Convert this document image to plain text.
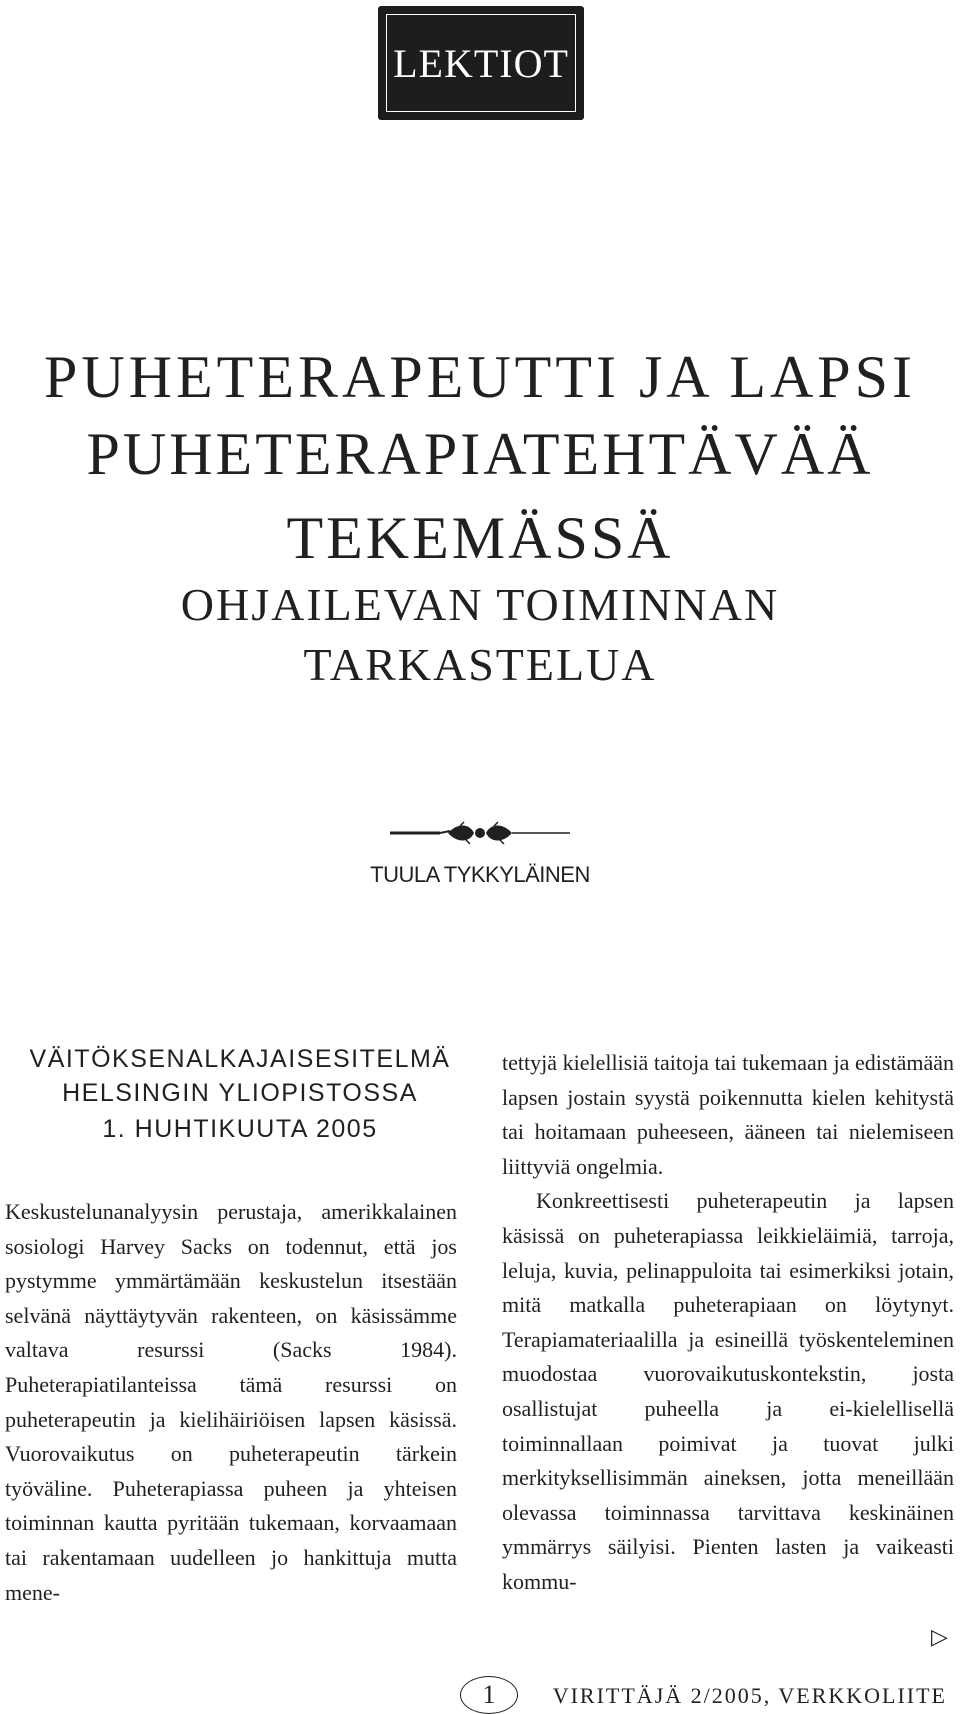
LEKTIOT
PUHETERAPEUTTI JA LAPSI
PUHETERAPIATEHTÄVÄÄ
TEKEMÄSSÄ
OHJAILEVAN TOIMINNAN
TARKASTELUA
TUULA TYKKYLÄINEN
VÄITÖKSENALKAJAISESITELMÄ
HELSINGIN YLIOPISTOSSA
1. HUHTIKUUTA 2005

Keskustelunanalyysin perustaja, amerikkalainen sosiologi Harvey Sacks on todennut, että jos pystymme ymmärtämään keskustelun itsestään selvänä näyttäytyvän rakenteen, on käsissämme valtava resurssi (Sacks 1984). Puheterapiatilanteissa tämä resurssi on puheterapeutin ja kielihäiriöisen lapsen käsissä. Vuorovaikutus on puheterapeutin tärkein työväline. Puheterapiassa puheen ja yhteisen toiminnan kautta pyritään tukemaan, korvaamaan tai rakentamaan uudelleen jo hankittuja mutta mene-

tettyjä kielellisiä taitoja tai tukemaan ja edistämään lapsen jostain syystä poikennutta kielen kehitystä tai hoitamaan puheeseen, ääneen tai nielemiseen liittyviä ongelmia.

Konkreettisesti puheterapeutin ja lapsen käsissä on puheterapiassa leikkieläimiä, tarroja, leluja, kuvia, pelinappuloita tai esimerkiksi jotain, mitä matkalla puheterapiaan on löytynyt. Terapiamateriaalilla ja esineillä työskenteleminen muodostaa vuorovaikutuskontekstin, josta osallistujat puheella ja ei-kielellisellä toiminnallaan poimivat ja tuovat julki merkityksellisimmän aineksen, jotta meneillään olevassa toiminnassa tarvittava keskinäinen ymmärrys säilyisi. Pienten lasten ja vaikeasti kommu-

▷
1	VIRITTÄJÄ 2/2005, VERKKOLIITE
